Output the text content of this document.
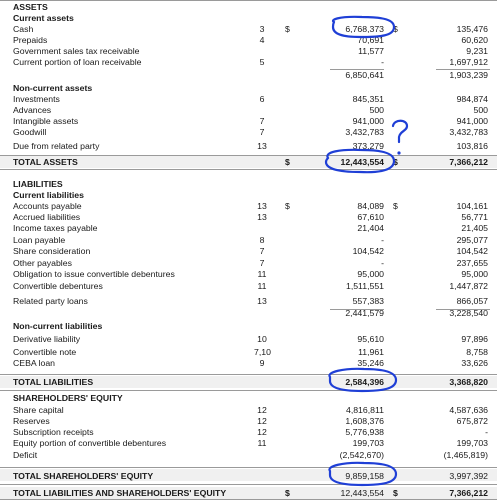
ASSETS
Current assets
Cash	3	$	6,768,373 $	135,476
Prepaids	4	70,691	60,620
Government sales tax receivable	11,577	9,231
Current portion of loan receivable	5	-	1,697,912
6,850,641	1,903,239
Non-current assets
Investments	6	845,351	984,874
Advances	500	500
Intangible assets	7	941,000	941,000
Goodwill	7	3,432,783	3,432,783
Due from related party	13	373,279	103,816
TOTAL ASSETS	$	12,443,554 $	7,366,212
LIABILITIES
Current liabilities
Accounts payable	13	$	84,089 $	104,161
Accrued liabilities	13	67,610	56,771
Income taxes payable	21,404	21,405
Loan payable	8	-	295,077
Share consideration	7	104,542	104,542
Other payables	7	-	237,655
Obligation to issue convertible debentures	11	95,000	95,000
Convertible debentures	11	1,511,551	1,447,872
Related party loans	13	557,383	866,057
2,441,579	3,228,540
Non-current liabilities
Derivative liability	10	95,610	97,896
Convertible note	7,10	11,961	8,758
CEBA loan	9	35,246	33,626
TOTAL LIABILITIES	2,584,396	3,368,820
SHAREHOLDERS' EQUITY
Share capital	12	4,816,811	4,587,636
Reserves	12	1,608,376	675,872
Subscription receipts	12	5,776,938	-
Equity portion of convertible debentures	11	199,703	199,703
Deficit	(2,542,670)	(1,465,819)
TOTAL SHAREHOLDERS' EQUITY	9,859,158	3,997,392
TOTAL LIABILITIES AND SHAREHOLDERS' EQUITY	$	12,443,554 $	7,366,212
